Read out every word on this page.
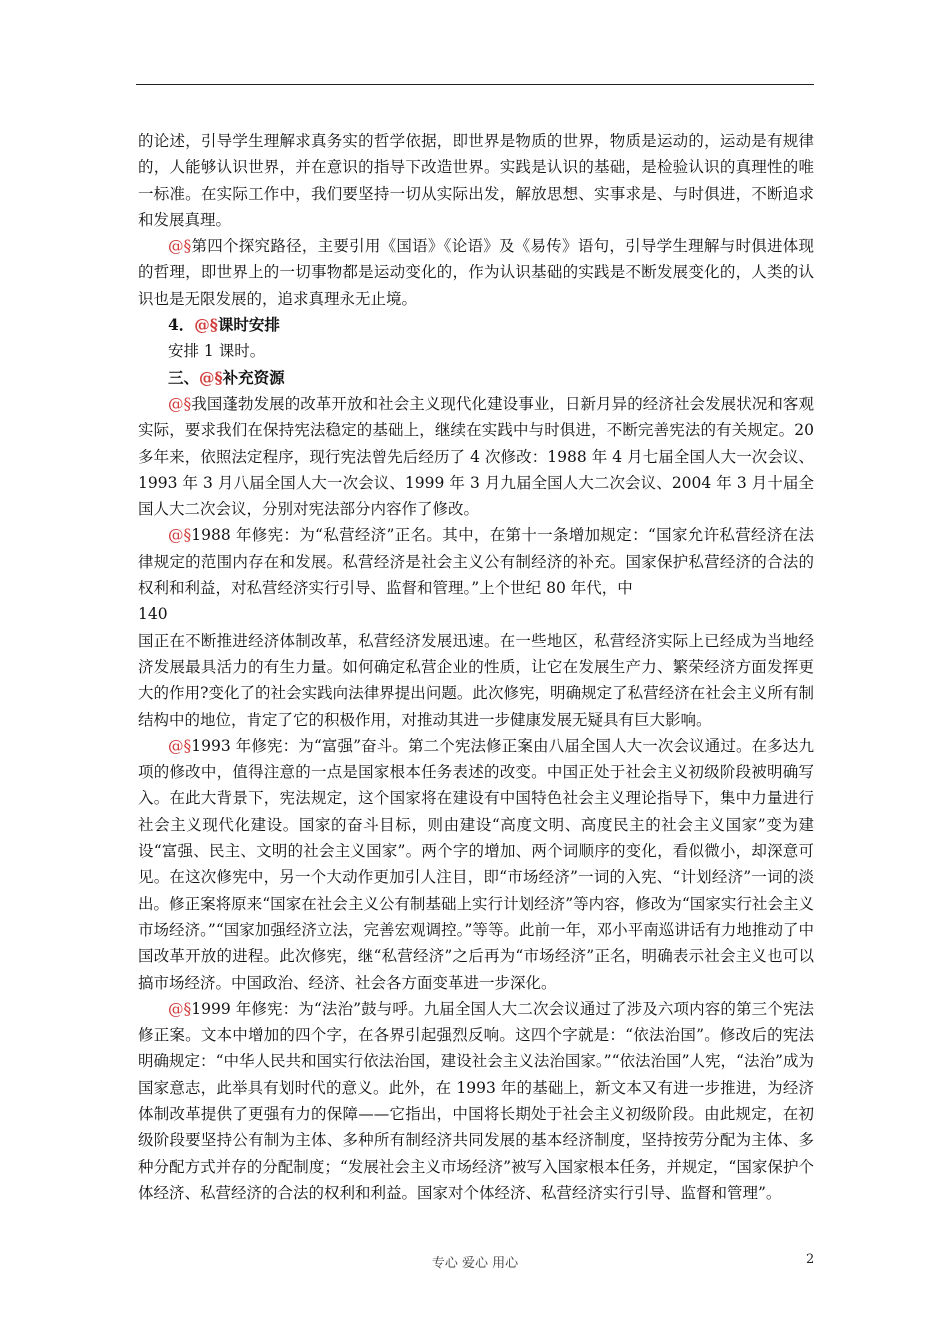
的论述，引导学生理解求真务实的哲学依据，即世界是物质的世界，物质是运动的，运动是有规律的，人能够认识世界，并在意识的指导下改造世界。实践是认识的基础，是检验认识的真理性的唯一标准。在实际工作中，我们要坚持一切从实际出发，解放思想、实事求是、与时俱进，不断追求和发展真理。

@§第四个探究路径，主要引用《国语》《论语》及《易传》语句，引导学生理解与时俱进体现的哲理，即世界上的一切事物都是运动变化的，作为认识基础的实践是不断发展变化的，人类的认识也是无限发展的，追求真理永无止境。

4．@§课时安排

安排 1 课时。

三、@§补充资源

@§我国蓬勃发展的改革开放和社会主义现代化建设事业，日新月异的经济社会发展状况和客观实际，要求我们在保持宪法稳定的基础上，继续在实践中与时俱进，不断完善宪法的有关规定。20 多年来，依照法定程序，现行宪法曾先后经历了 4 次修改：1988 年 4 月七届全国人大一次会议、1993 年 3 月八届全国人大一次会议、1999 年 3 月九届全国人大二次会议、2004 年 3 月十届全国人大二次会议，分别对宪法部分内容作了修改。

@§1988 年修宪：为“私营经济”正名。其中，在第十一条增加规定：“国家允许私营经济在法律规定的范围内存在和发展。私营经济是社会主义公有制经济的补充。国家保护私营经济的合法的权利和利益，对私营经济实行引导、监督和管理。”上个世纪 80 年代，中

140

国正在不断推进经济体制改革，私营经济发展迅速。在一些地区，私营经济实际上已经成为当地经济发展最具活力的有生力量。如何确定私营企业的性质，让它在发展生产力、繁荣经济方面发挥更大的作用?变化了的社会实践向法律界提出问题。此次修宪，明确规定了私营经济在社会主义所有制结构中的地位，肯定了它的积极作用，对推动其进一步健康发展无疑具有巨大影响。

@§1993 年修宪：为“富强”奋斗。第二个宪法修正案由八届全国人大一次会议通过。在多达九项的修改中，值得注意的一点是国家根本任务表述的改变。中国正处于社会主义初级阶段被明确写入。在此大背景下，宪法规定，这个国家将在建设有中国特色社会主义理论指导下，集中力量进行社会主义现代化建设。国家的奋斗目标，则由建设“高度文明、高度民主的社会主义国家”变为建设“富强、民主、文明的社会主义国家”。两个字的增加、两个词顺序的变化，看似微小，却深意可见。在这次修宪中，另一个大动作更加引人注目，即“市场经济”一词的入宪、“计划经济”一词的淡出。修正案将原来“国家在社会主义公有制基础上实行计划经济”等内容，修改为“国家实行社会主义市场经济。”“国家加强经济立法，完善宏观调控。”等等。此前一年，邓小平南巡讲话有力地推动了中国改革开放的进程。此次修宪，继“私营经济”之后再为“市场经济”正名，明确表示社会主义也可以搞市场经济。中国政治、经济、社会各方面变革进一步深化。

@§1999 年修宪：为“法治”鼓与呼。九届全国人大二次会议通过了涉及六项内容的第三个宪法修正案。文本中增加的四个字，在各界引起强烈反响。这四个字就是：“依法治国”。修改后的宪法明确规定：“中华人民共和国实行依法治国，建设社会主义法治国家。”“依法治国”人宪，“法治”成为国家意志，此举具有划时代的意义。此外，在 1993 年的基础上，新文本又有进一步推进，为经济体制改革提供了更强有力的保障——它指出，中国将长期处于社会主义初级阶段。由此规定，在初级阶段要坚持公有制为主体、多种所有制经济共同发展的基本经济制度，坚持按劳分配为主体、多种分配方式并存的分配制度；“发展社会主义市场经济”被写入国家根本任务，并规定，“国家保护个体经济、私营经济的合法的权利和利益。国家对个体经济、私营经济实行引导、监督和管理”。

专心 爱心 用心	2
